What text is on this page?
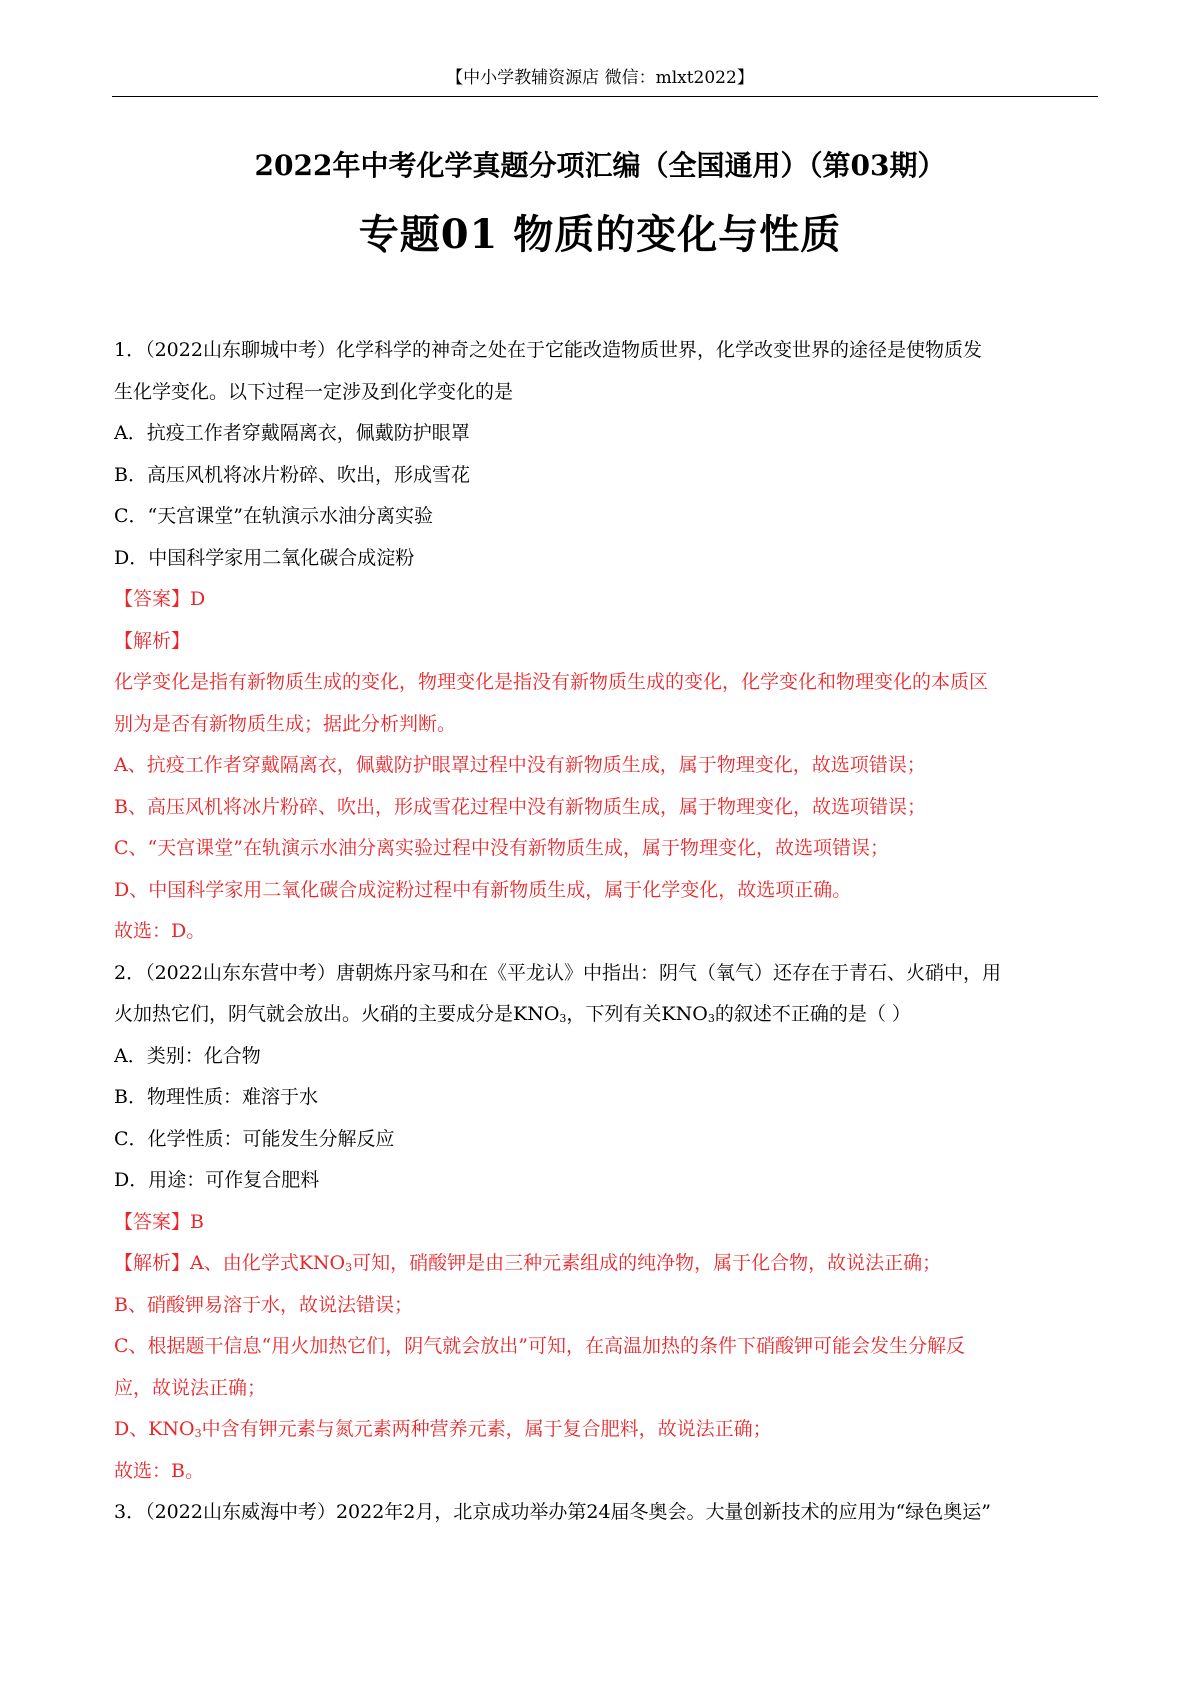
【中小学教辅资源店 微信：mlxt2022】
2022年中考化学真题分项汇编（全国通用）（第03期）
专题01 物质的变化与性质
1．（2022山东聊城中考）化学科学的神奇之处在于它能改造物质世界，化学改变世界的途径是使物质发
生化学变化。以下过程一定涉及到化学变化的是
A．抗疫工作者穿戴隔离衣，佩戴防护眼罩
B．高压风机将冰片粉碎、吹出，形成雪花
C．“天宫课堂”在轨演示水油分离实验
D．中国科学家用二氧化碳合成淀粉
【答案】D
【解析】
化学变化是指有新物质生成的变化，物理变化是指没有新物质生成的变化，化学变化和物理变化的本质区
别为是否有新物质生成；据此分析判断。
A、抗疫工作者穿戴隔离衣，佩戴防护眼罩过程中没有新物质生成，属于物理变化，故选项错误；
B、高压风机将冰片粉碎、吹出，形成雪花过程中没有新物质生成，属于物理变化，故选项错误；
C、“天宫课堂”在轨演示水油分离实验过程中没有新物质生成，属于物理变化，故选项错误；
D、中国科学家用二氧化碳合成淀粉过程中有新物质生成，属于化学变化，故选项正确。
故选：D。
2．（2022山东东营中考）唐朝炼丹家马和在《平龙认》中指出：阴气（氧气）还存在于青石、火硝中，用
火加热它们，阴气就会放出。火硝的主要成分是$KNO_3$，下列有关$KNO_3$的叙述不正确的是（ ）
A．类别：化合物
B．物理性质：难溶于水
C．化学性质：可能发生分解反应
D．用途：可作复合肥料
【答案】B
【解析】A、由化学式$KNO_3$可知，硝酸钾是由三种元素组成的纯净物，属于化合物，故说法正确；
B、硝酸钾易溶于水，故说法错误；
C、根据题干信息“用火加热它们，阴气就会放出”可知，在高温加热的条件下硝酸钾可能会发生分解反
应，故说法正确；
D、$KNO_3$中含有钾元素与氮元素两种营养元素，属于复合肥料，故说法正确；
故选：B。
3．（2022山东威海中考）2022年2月，北京成功举办第24届冬奥会。大量创新技术的应用为“绿色奥运”
